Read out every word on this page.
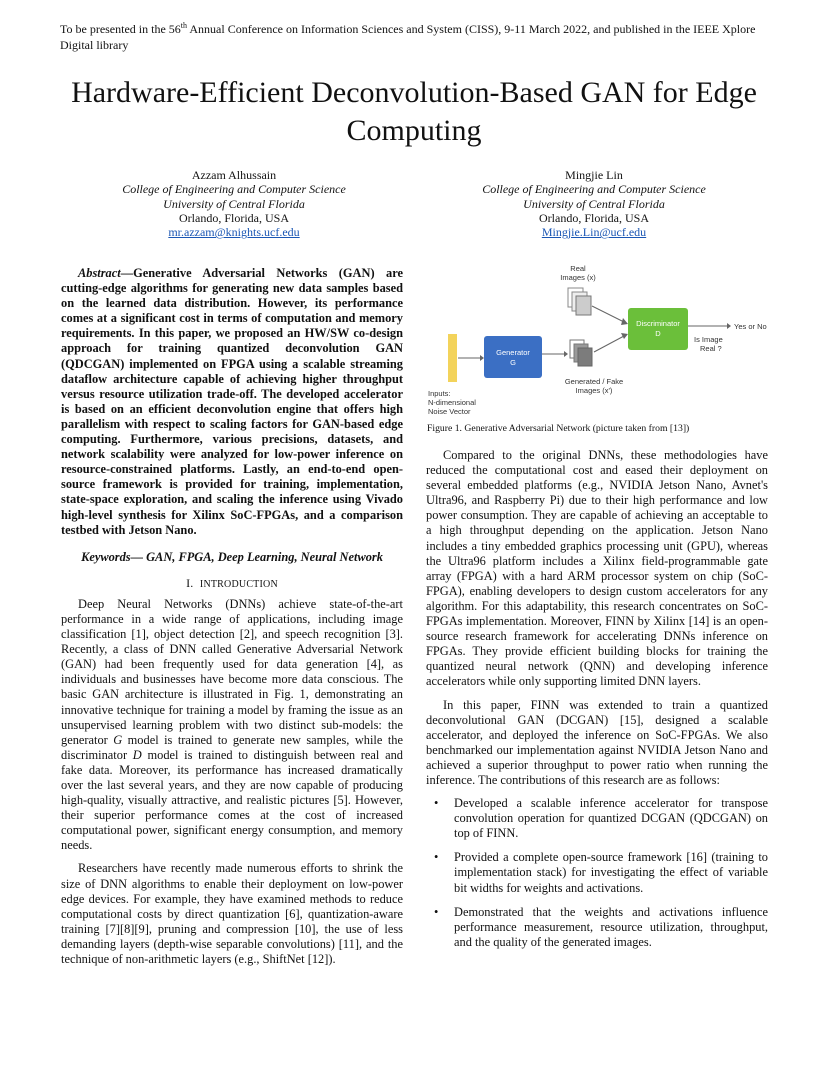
To be presented in the 56th Annual Conference on Information Sciences and System (CISS), 9-11 March 2022, and published in the IEEE Xplore Digital library
Hardware-Efficient Deconvolution-Based GAN for Edge Computing
Azzam Alhussain
College of Engineering and Computer Science
University of Central Florida
Orlando, Florida, USA
mr.azzam@knights.ucf.edu
Mingjie Lin
College of Engineering and Computer Science
University of Central Florida
Orlando, Florida, USA
Mingjie.Lin@ucf.edu

Abstract—Generative Adversarial Networks (GAN) are cutting-edge algorithms for generating new data samples based on the learned data distribution. However, its performance comes at a significant cost in terms of computation and memory requirements. In this paper, we proposed an HW/SW co-design approach for training quantized deconvolution GAN (QDCGAN) implemented on FPGA using a scalable streaming dataflow architecture capable of achieving higher throughput versus resource utilization trade-off. The developed accelerator is based on an efficient deconvolution engine that offers high parallelism with respect to scaling factors for GAN-based edge computing. Furthermore, various precisions, datasets, and network scalability were analyzed for low-power inference on resource-constrained platforms. Lastly, an end-to-end open-source framework is provided for training, implementation, state-space exploration, and scaling the inference using Vivado high-level synthesis for Xilinx SoC-FPGAs, and a comparison testbed with Jetson Nano.

Keywords— GAN, FPGA, Deep Learning, Neural Network
I. INTRODUCTION

Deep Neural Networks (DNNs) achieve state-of-the-art performance in a wide range of applications, including image classification [1], object detection [2], and speech recognition [3]. Recently, a class of DNN called Generative Adversarial Network (GAN) had been frequently used for data generation [4], as individuals and businesses have become more data conscious. The basic GAN architecture is illustrated in Fig. 1, demonstrating an innovative technique for training a model by framing the issue as an unsupervised learning problem with two distinct sub-models: the generator G model is trained to generate new samples, while the discriminator D model is trained to distinguish between real and fake data. Moreover, its performance has increased dramatically over the last several years, and they are now capable of producing high-quality, visually attractive, and realistic pictures [5]. However, their superior performance comes at the cost of increased computational power, significant energy consumption, and memory needs.

Researchers have recently made numerous efforts to shrink the size of DNN algorithms to enable their deployment on low-power edge devices. For example, they have examined methods to reduce computational costs by direct quantization [6], quantization-aware training [7][8][9], pruning and compression [10], the use of less demanding layers (depth-wise separable convolutions) [11], and the technique of non-arithmetic layers (e.g., ShiftNet [12]).

Inputs:
N-dimensional
Noise Vector
Generator
G
Generated / Fake
Images (x')
Real
Images (x)
Discriminator
D
Yes or No
Is Image
Real ?
Figure 1. Generative Adversarial Network (picture taken from [13])

Compared to the original DNNs, these methodologies have reduced the computational cost and eased their deployment on several embedded platforms (e.g., NVIDIA Jetson Nano, Avnet's Ultra96, and Raspberry Pi) due to their high performance and low power consumption. They are capable of achieving an acceptable to a high throughput depending on the application. Jetson Nano includes a tiny embedded graphics processing unit (GPU), whereas the Ultra96 platform includes a Xilinx field-programmable gate array (FPGA) with a hard ARM processor system on chip (SoC-FPGA), enabling developers to design custom accelerators for any algorithm. For this adaptability, this research concentrates on SoC-FPGAs implementation. Moreover, FINN by Xilinx [14] is an open-source research framework for accelerating DNNs inference on FPGAs. They provide efficient building blocks for training the quantized neural network (QNN) and developing inference accelerators while only supporting limited DNN layers.

In this paper, FINN was extended to train a quantized deconvolutional GAN (DCGAN) [15], designed a scalable accelerator, and deployed the inference on SoC-FPGAs. We also benchmarked our implementation against NVIDIA Jetson Nano and achieved a superior throughput to power ratio when running the inference. The contributions of this research are as follows:

• Developed a scalable inference accelerator for transpose convolution operation for quantized DCGAN (QDCGAN) on top of FINN.
• Provided a complete open-source framework [16] (training to implementation stack) for investigating the effect of variable bit widths for weights and activations.
• Demonstrated that the weights and activations influence performance measurement, resource utilization, throughput, and the quality of the generated images.
